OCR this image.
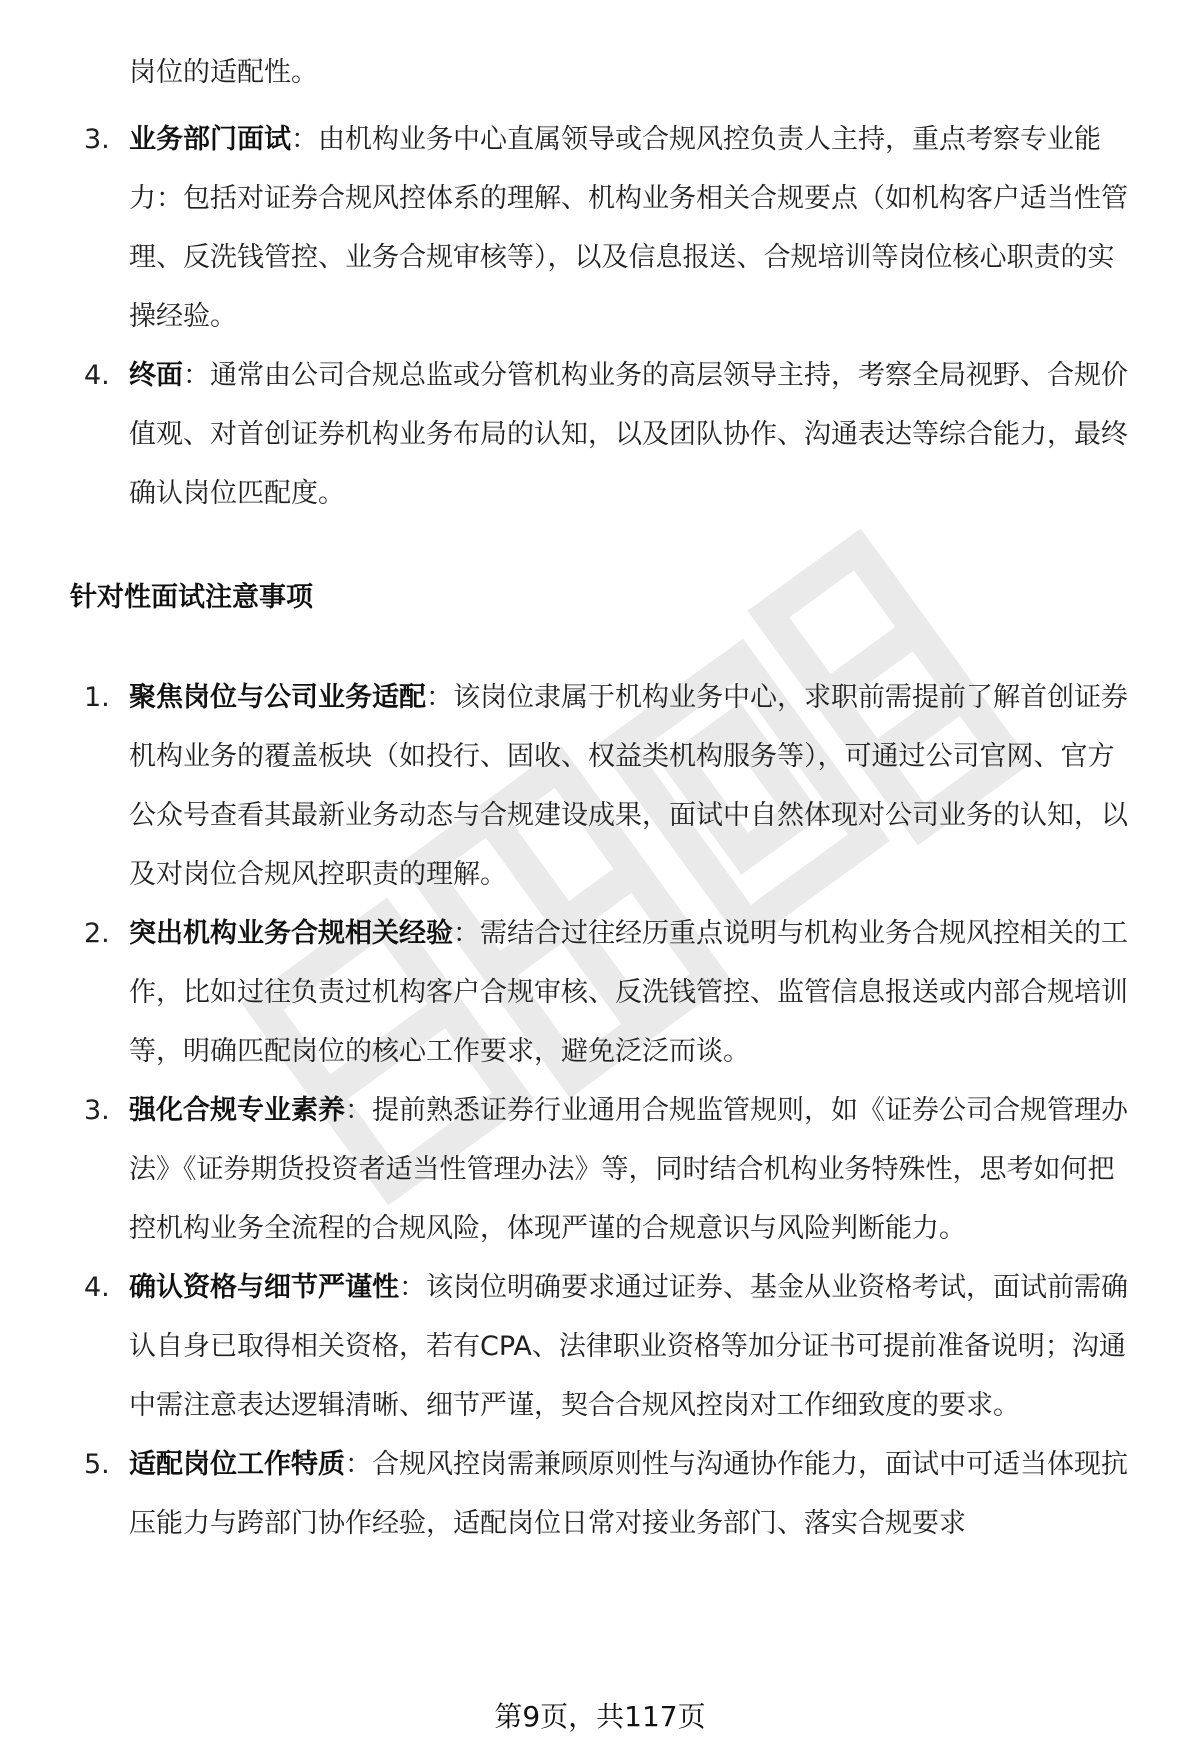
岗位的适配性。

3. 业务部门面试：由机构业务中心直属领导或合规风控负责人主持，重点考察专业能力：包括对证券合规风控体系的理解、机构业务相关合规要点（如机构客户适当性管理、反洗钱管控、业务合规审核等），以及信息报送、合规培训等岗位核心职责的实操经验。
4. 终面：通常由公司合规总监或分管机构业务的高层领导主持，考察全局视野、合规价值观、对首创证券机构业务布局的认知，以及团队协作、沟通表达等综合能力，最终确认岗位匹配度。
针对性面试注意事项
1. 聚焦岗位与公司业务适配：该岗位隶属于机构业务中心，求职前需提前了解首创证券机构业务的覆盖板块（如投行、固收、权益类机构服务等），可通过公司官网、官方公众号查看其最新业务动态与合规建设成果，面试中自然体现对公司业务的认知，以及对岗位合规风控职责的理解。
2. 突出机构业务合规相关经验：需结合过往经历重点说明与机构业务合规风控相关的工作，比如过往负责过机构客户合规审核、反洗钱管控、监管信息报送或内部合规培训等，明确匹配岗位的核心工作要求，避免泛泛而谈。
3. 强化合规专业素养：提前熟悉证券行业通用合规监管规则，如《证券公司合规管理办法》《证券期货投资者适当性管理办法》等，同时结合机构业务特殊性，思考如何把控机构业务全流程的合规风险，体现严谨的合规意识与风险判断能力。
4. 确认资格与细节严谨性：该岗位明确要求通过证券、基金从业资格考试，面试前需确认自身已取得相关资格，若有CPA、法律职业资格等加分证书可提前准备说明；沟通中需注意表达逻辑清晰、细节严谨，契合合规风控岗对工作细致度的要求。
5. 适配岗位工作特质：合规风控岗需兼顾原则性与沟通协作能力，面试中可适当体现抗压能力与跨部门协作经验，适配岗位日常对接业务部门、落实合规要求
第9页，共117页
